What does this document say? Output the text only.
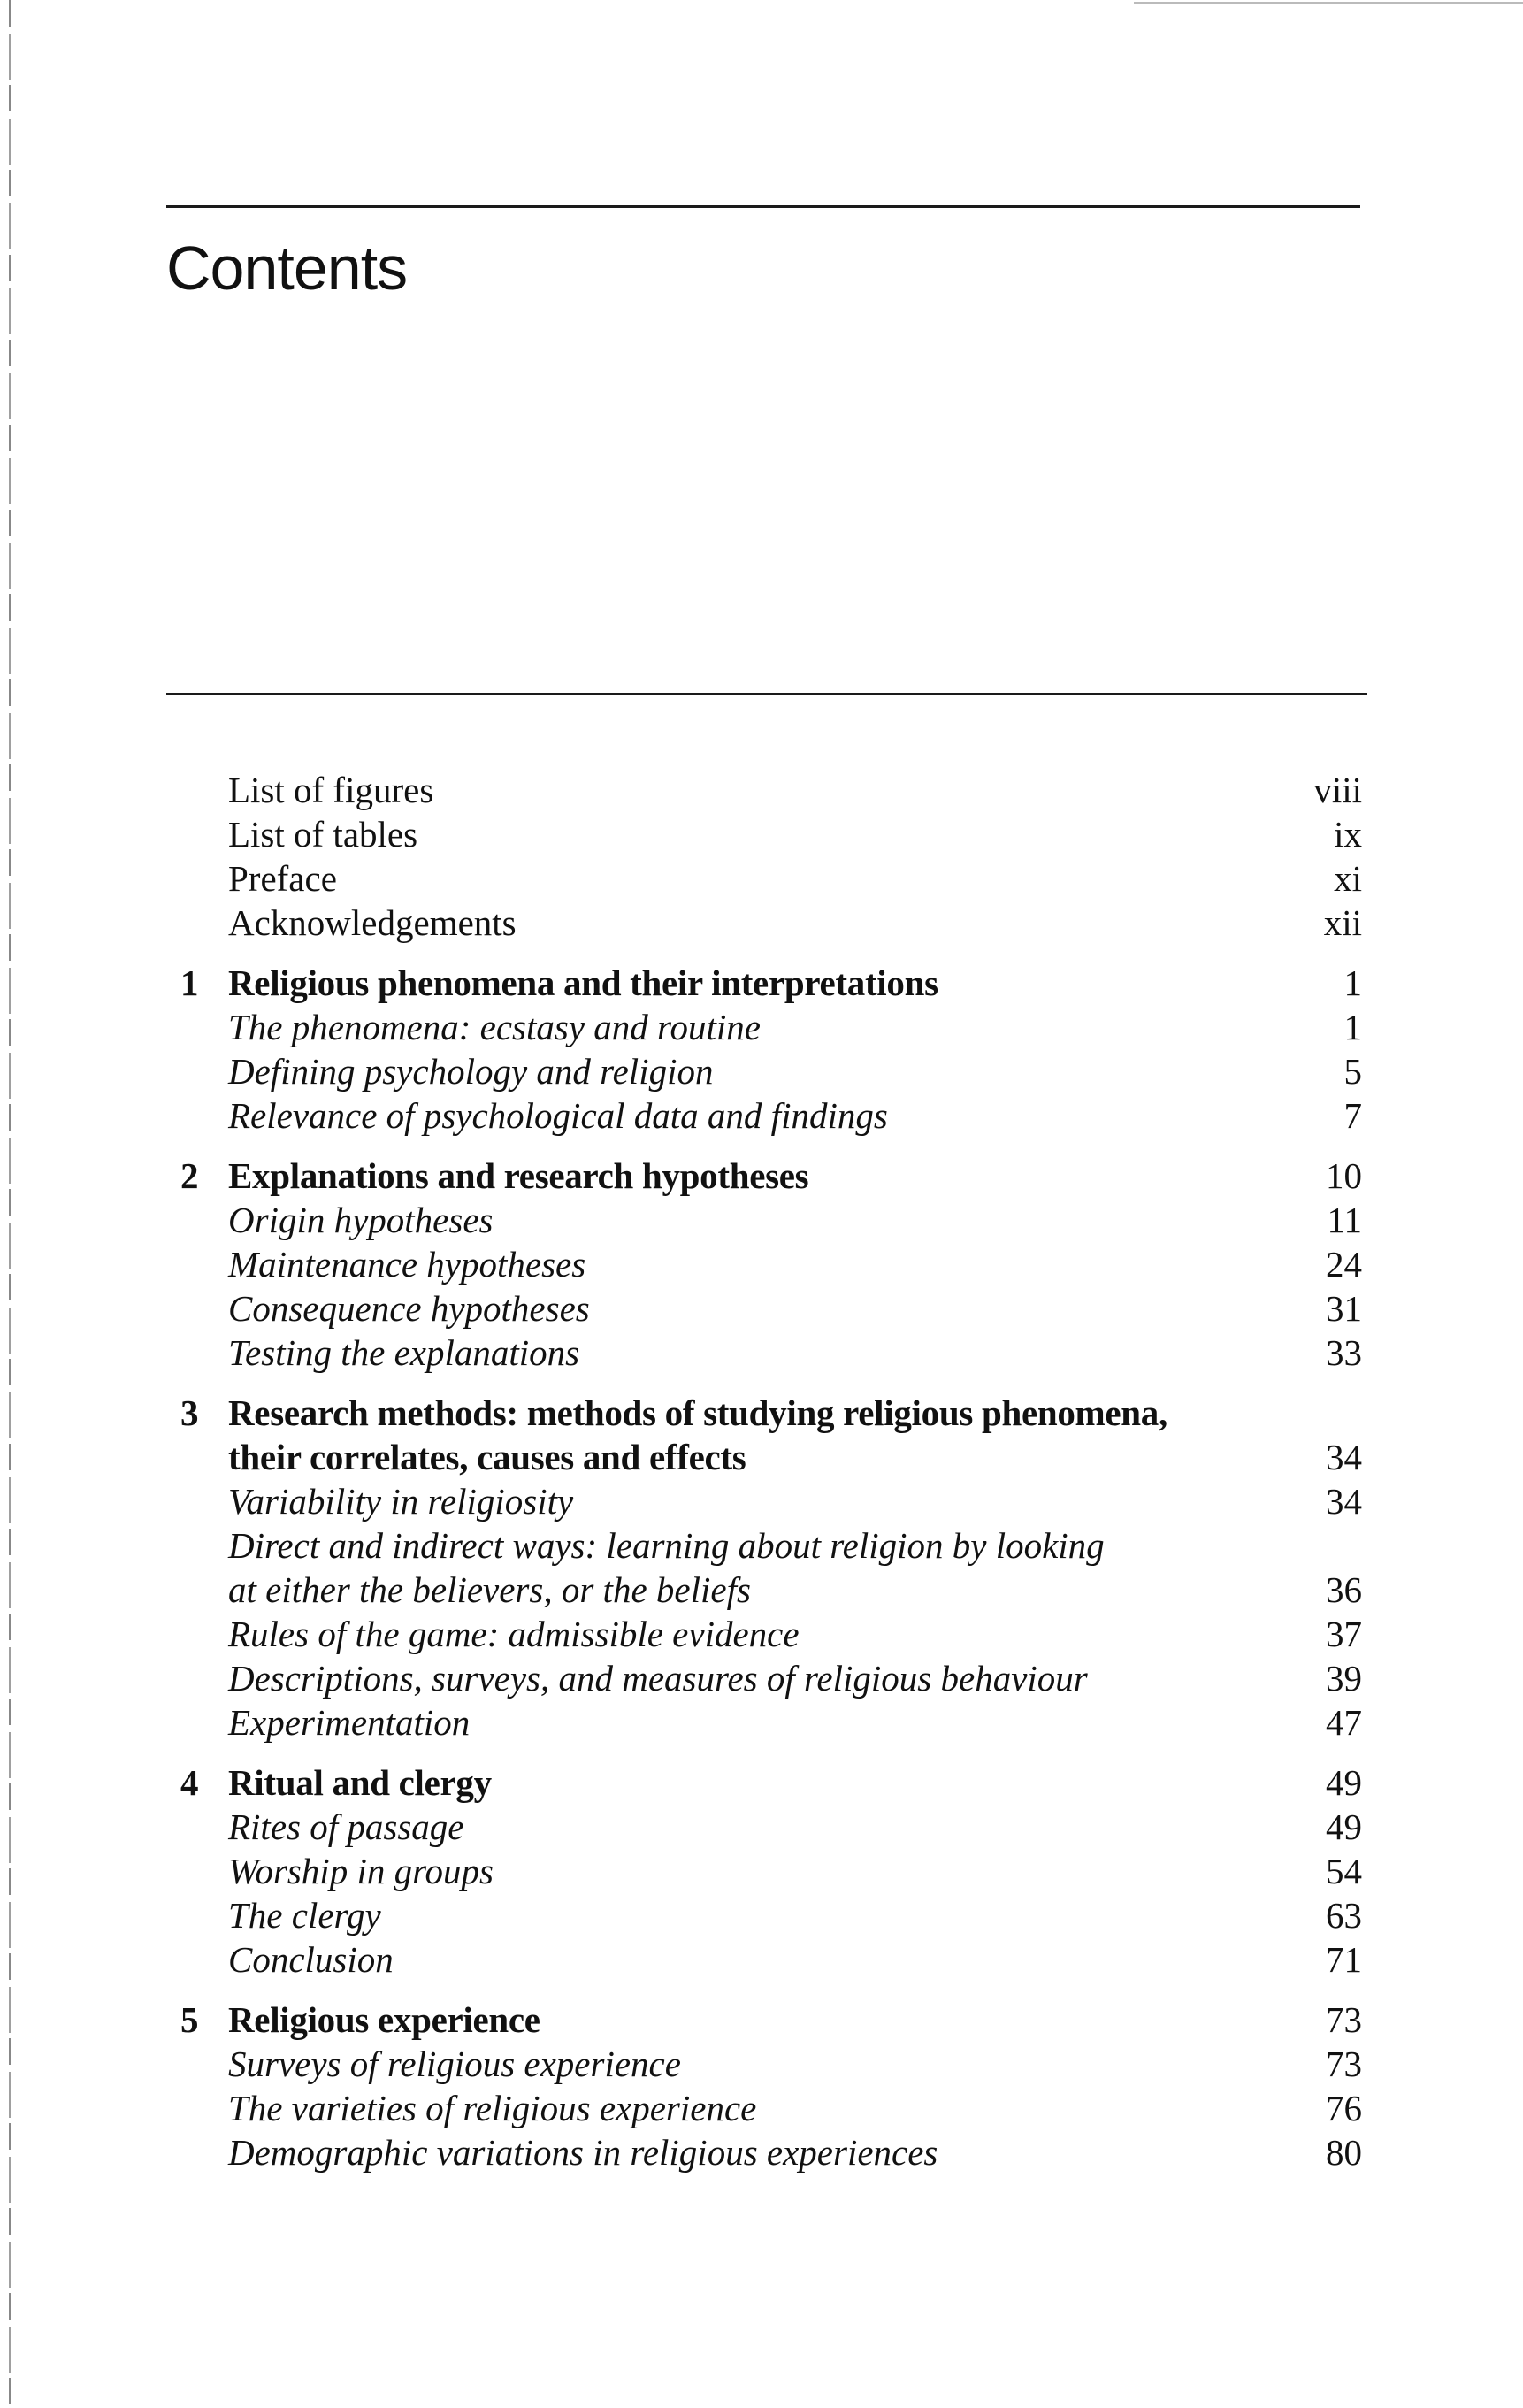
Contents
List of figures	viii
List of tables	ix
Preface	xi
Acknowledgements	xii
1 Religious phenomena and their interpretations	1
The phenomena: ecstasy and routine	1
Defining psychology and religion	5
Relevance of psychological data and findings	7
2 Explanations and research hypotheses	10
Origin hypotheses	11
Maintenance hypotheses	24
Consequence hypotheses	31
Testing the explanations	33
3 Research methods: methods of studying religious phenomena,
their correlates, causes and effects	34
Variability in religiosity	34
Direct and indirect ways: learning about religion by looking
at either the believers, or the beliefs	36
Rules of the game: admissible evidence	37
Descriptions, surveys, and measures of religious behaviour	39
Experimentation	47
4 Ritual and clergy	49
Rites of passage	49
Worship in groups	54
The clergy	63
Conclusion	71
5 Religious experience	73
Surveys of religious experience	73
The varieties of religious experience	76
Demographic variations in religious experiences	80
